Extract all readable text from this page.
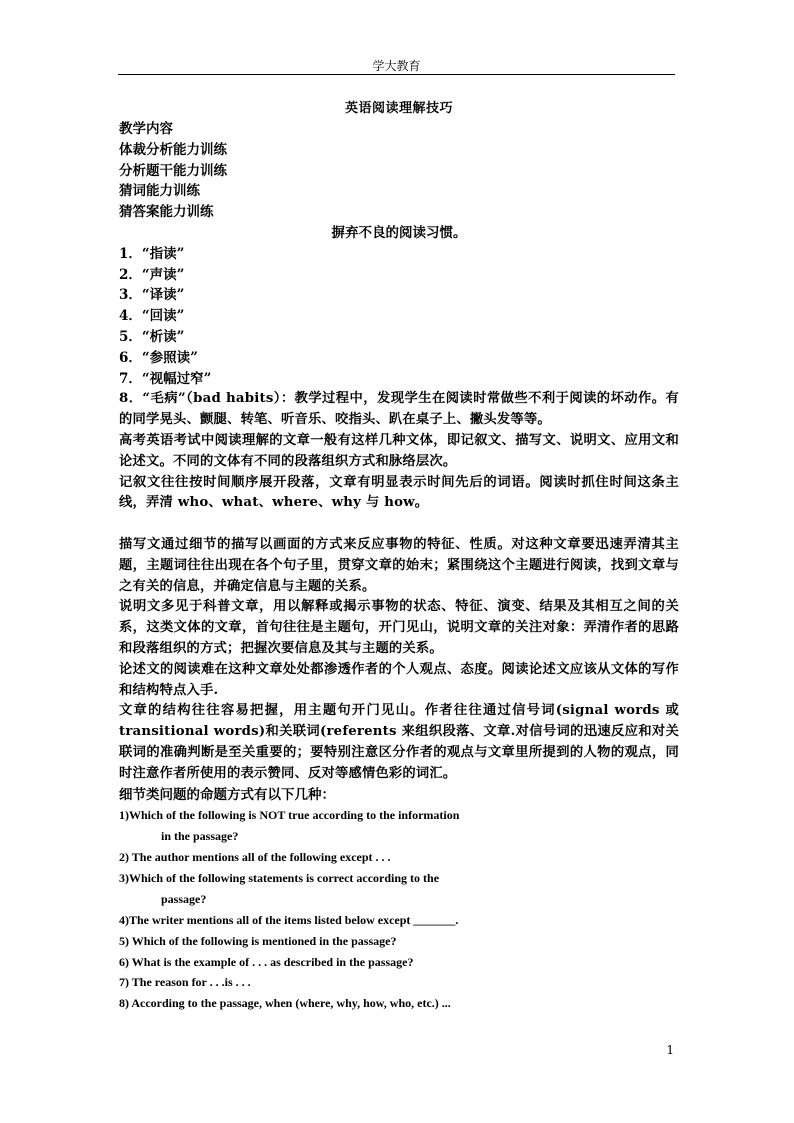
学大教育
英语阅读理解技巧
教学内容
体裁分析能力训练
分析题干能力训练
猜词能力训练
猜答案能力训练
摒弃不良的阅读习惯。
1．“指读”
2．“声读”
3．“译读”
4．“回读”
5．“析读”
6．“参照读”
7．“视幅过窄”
8．“毛病”（bad habits）：教学过程中，发现学生在阅读时常做些不利于阅读的坏动作。有的同学晃头、颤腿、转笔、听音乐、咬指头、趴在桌子上、撇头发等等。
高考英语考试中阅读理解的文章一般有这样几种文体，即记叙文、描写文、说明文、应用文和论述文。不同的文体有不同的段落组织方式和脉络层次。
记叙文往往按时间顺序展开段落，文章有明显表示时间先后的词语。阅读时抓住时间这条主线，弄清 who、what、where、why 与 how。
描写文通过细节的描写以画面的方式来反应事物的特征、性质。对这种文章要迅速弄清其主题，主题词往往出现在各个句子里，贯穿文章的始末；紧围绕这个主题进行阅读，找到文章与之有关的信息，并确定信息与主题的关系。
说明文多见于科普文章，用以解释或揭示事物的状态、特征、演变、结果及其相互之间的关系，这类文体的文章，首句往往是主题句，开门见山，说明文章的关注对象：弄清作者的思路和段落组织的方式；把握次要信息及其与主题的关系。
论述文的阅读难在这种文章处处都渗透作者的个人观点、态度。阅读论述文应该从文体的写作和结构特点入手.
文章的结构往往容易把握，用主题句开门见山。作者往往通过信号词(signal words 或 transitional words)和关联词(referents 来组织段落、文章.对信号词的迅速反应和对关联词的准确判断是至关重要的；要特别注意区分作者的观点与文章里所提到的人物的观点，同时注意作者所使用的表示赞同、反对等感情色彩的词汇。
细节类问题的命题方式有以下几种：
1)Which of the following is NOT true according to the information
in the passage?
2) The author mentions all of the following except . . .
3)Which of the following statements is correct according to the
passage?
4)The writer mentions all of the items listed below except _______.
5) Which of the following is mentioned in the passage?
6) What is the example of . . . as described in the passage?
7) The reason for . . .is . . .
8) According to the passage, when (where, why, how, who, etc.) ...
1
